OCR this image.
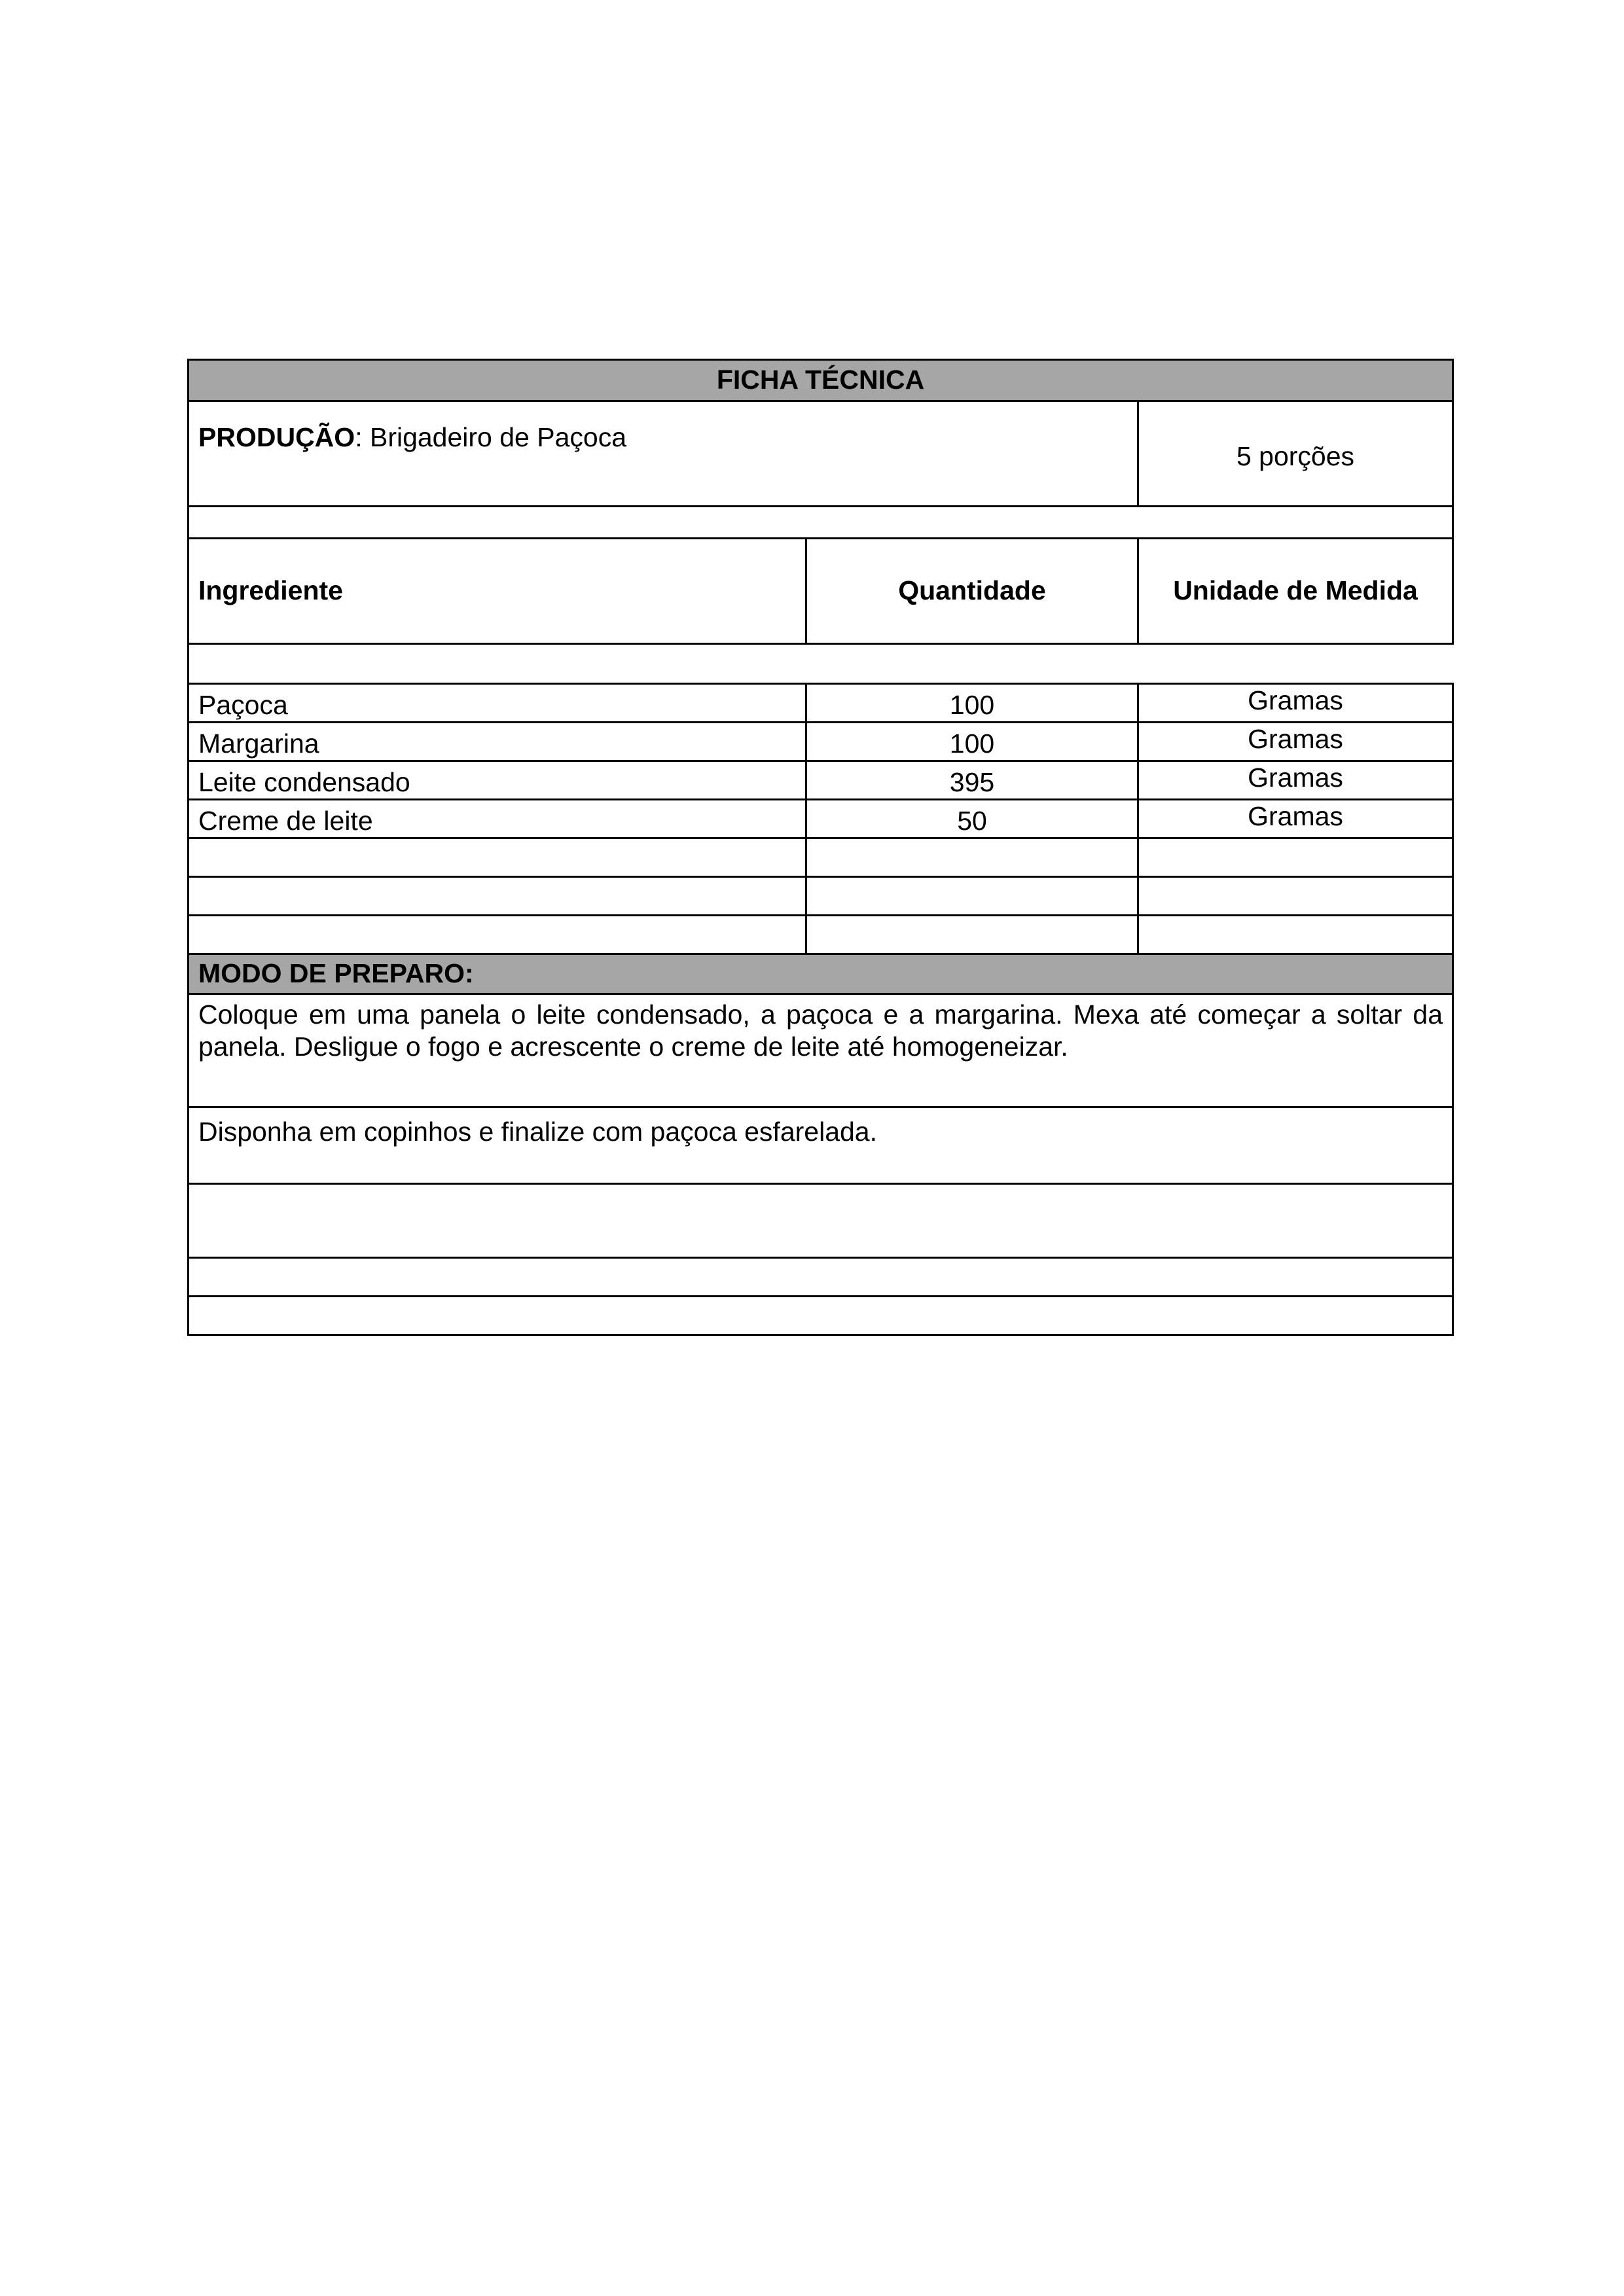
FICHA TÉCNICA		
PRODUÇÃO: Brigadeiro de Paçoca		5 porções

Ingrediente	Quantidade	Unidade de Medida

Paçoca	100	Gramas
Margarina	100	Gramas
Leite condensado	395	Gramas
Creme de leite	50	Gramas

MODO DE PREPARO:		
Coloque em uma panela o leite condensado, a paçoca e a margarina. Mexa até começar a soltar da panela. Desligue o fogo e acrescente o creme de leite até homogeneizar.		
Disponha em copinhos e finalize com paçoca esfarelada.		
